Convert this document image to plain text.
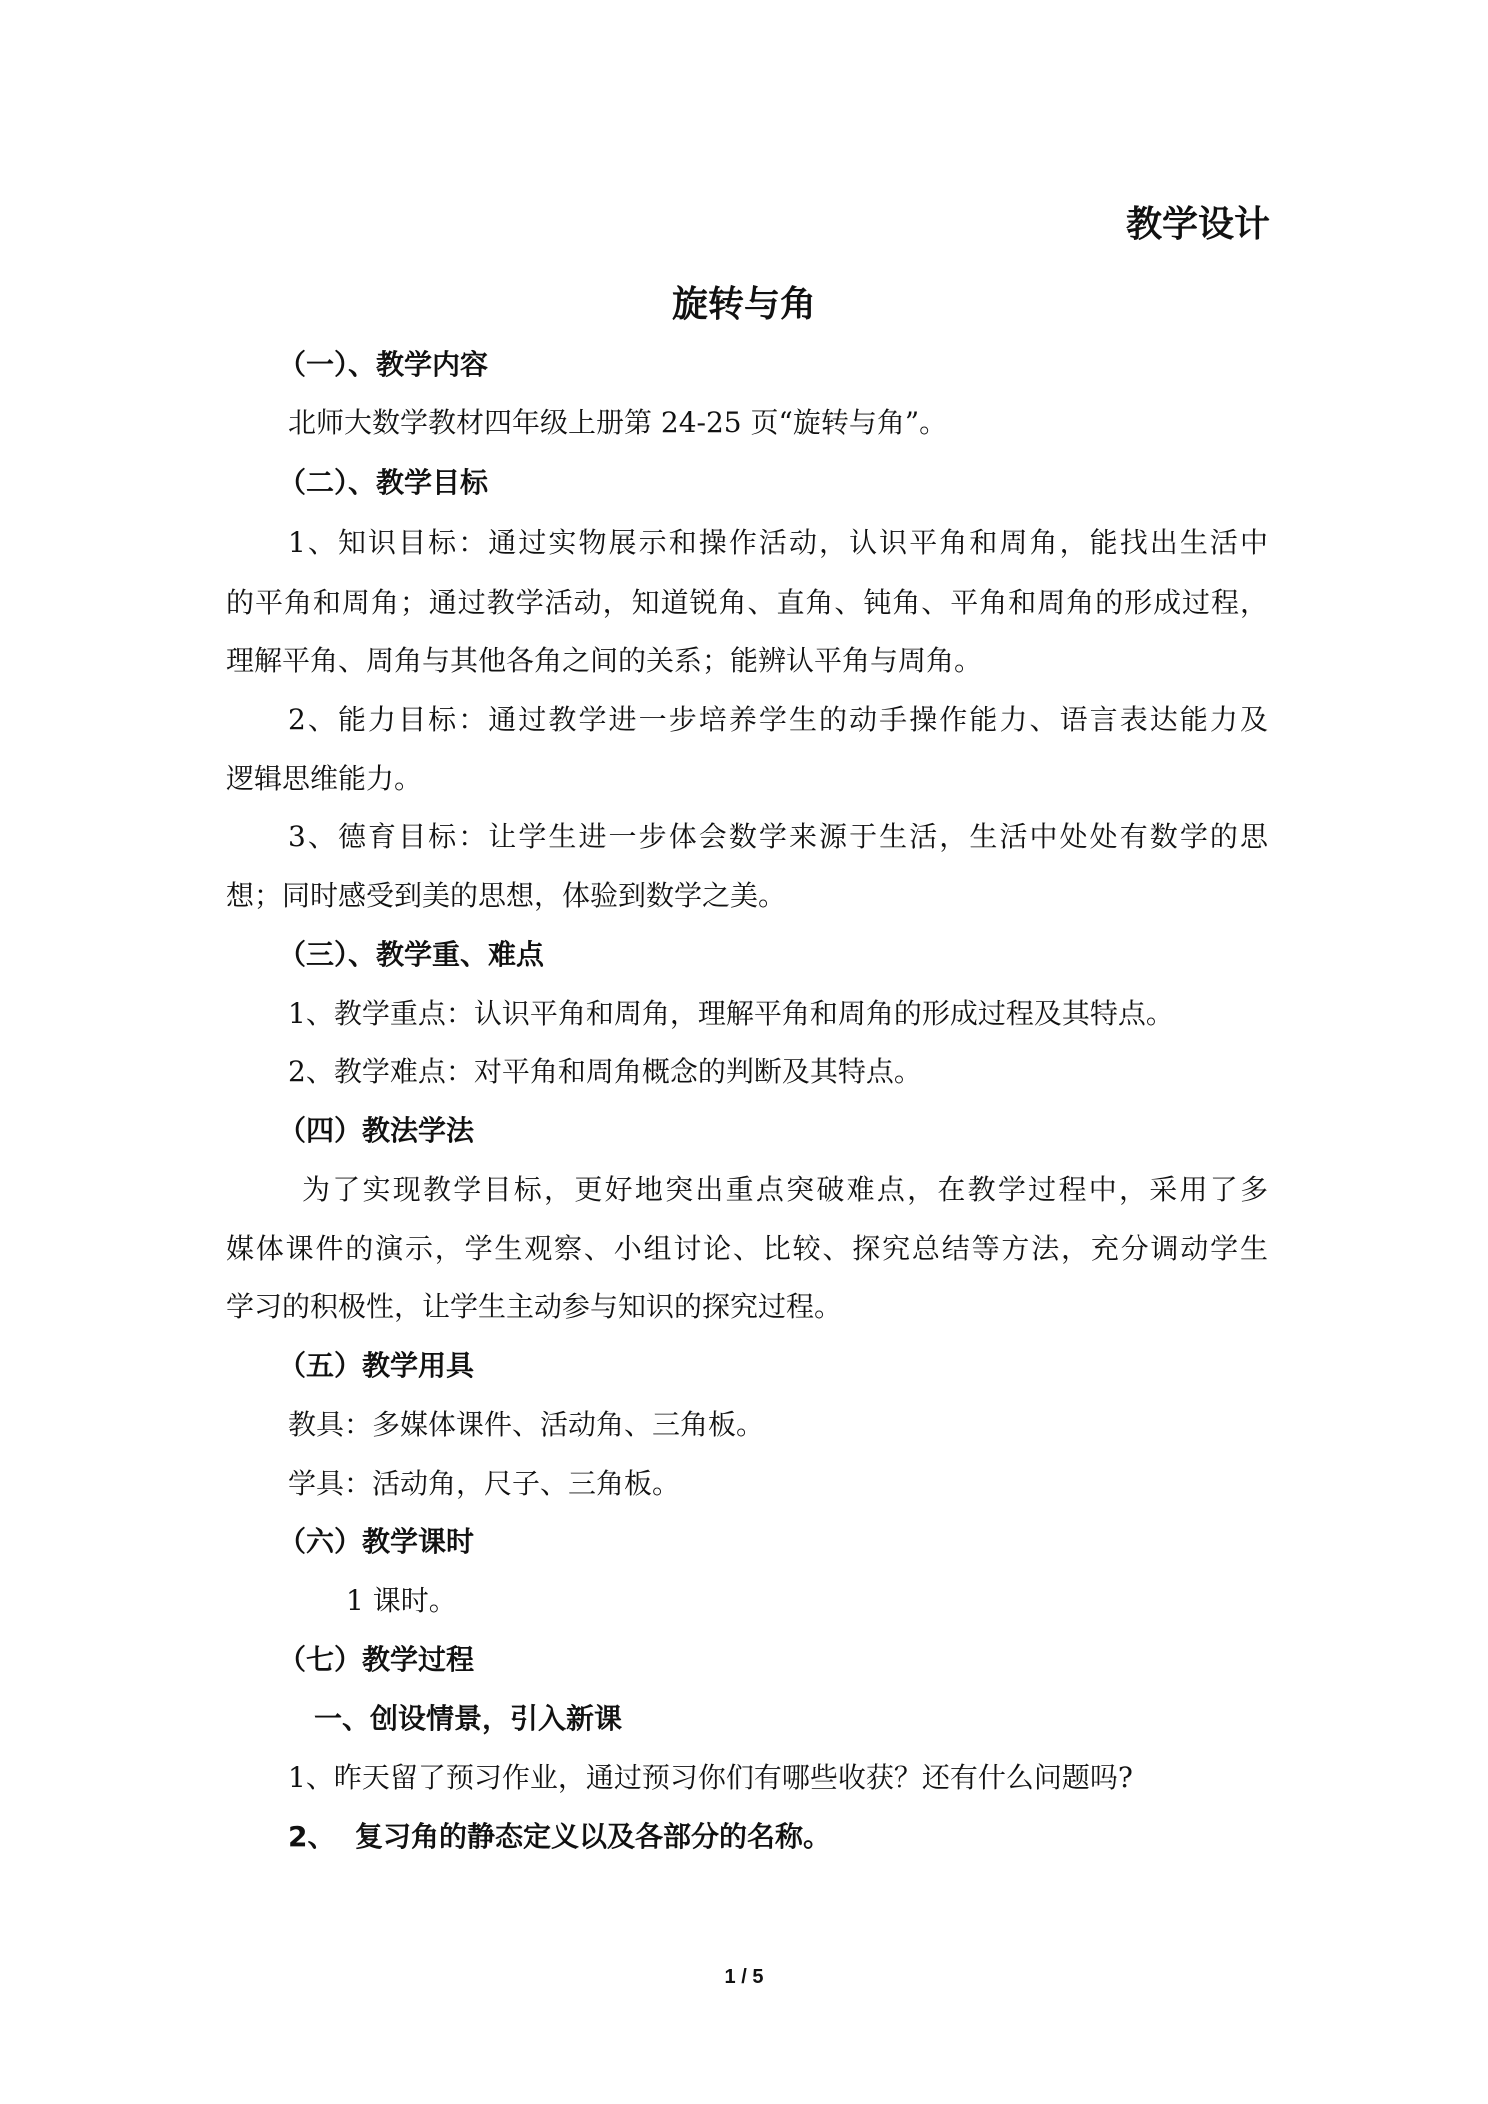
教学设计
旋转与角
（一）、教学内容
北师大数学教材四年级上册第 24-25 页“旋转与角”。
（二）、教学目标
1、知识目标：通过实物展示和操作活动，认识平角和周角，能找出生活中
的平角和周角；通过教学活动，知道锐角、直角、钝角、平角和周角的形成过程，
理解平角、周角与其他各角之间的关系；能辨认平角与周角。
2、能力目标：通过教学进一步培养学生的动手操作能力、语言表达能力及
逻辑思维能力。
3、德育目标：让学生进一步体会数学来源于生活，生活中处处有数学的思
想；同时感受到美的思想，体验到数学之美。
（三）、教学重、难点
1、教学重点：认识平角和周角，理解平角和周角的形成过程及其特点。
2、教学难点：对平角和周角概念的判断及其特点。
（四）教法学法
为了实现教学目标，更好地突出重点突破难点，在教学过程中，采用了多
媒体课件的演示，学生观察、小组讨论、比较、探究总结等方法，充分调动学生
学习的积极性，让学生主动参与知识的探究过程。
（五）教学用具
教具：多媒体课件、活动角、三角板。
学具：活动角，尺子、三角板。
（六）教学课时
1 课时。
（七）教学过程
一、创设情景，引入新课
1、昨天留了预习作业，通过预习你们有哪些收获？还有什么问题吗?
2、  复习角的静态定义以及各部分的名称。
1 / 5
